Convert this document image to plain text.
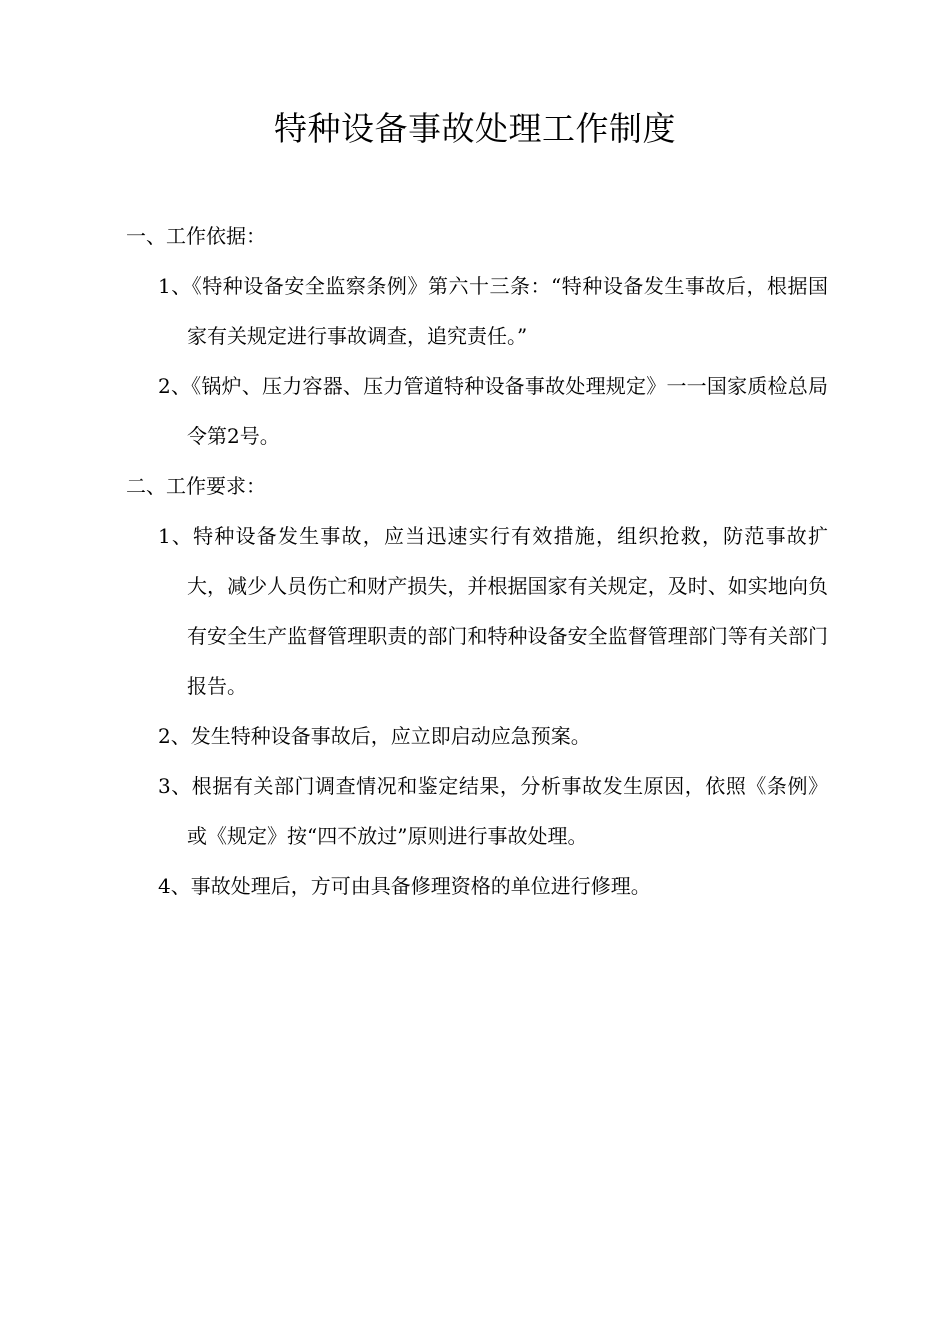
特种设备事故处理工作制度

一、工作依据：

1、《特种设备安全监察条例》第六十三条：“特种设备发生事故后，根据国家有关规定进行事故调查，追究责任。”

2、《锅炉、压力容器、压力管道特种设备事故处理规定》一一国家质检总局令第2号。

二、工作要求：

1、特种设备发生事故，应当迅速实行有效措施，组织抢救，防范事故扩大，减少人员伤亡和财产损失，并根据国家有关规定，及时、如实地向负有安全生产监督管理职责的部门和特种设备安全监督管理部门等有关部门报告。

2、发生特种设备事故后，应立即启动应急预案。

3、根据有关部门调查情况和鉴定结果，分析事故发生原因，依照《条例》或《规定》按“四不放过”原则进行事故处理。

4、事故处理后，方可由具备修理资格的单位进行修理。
